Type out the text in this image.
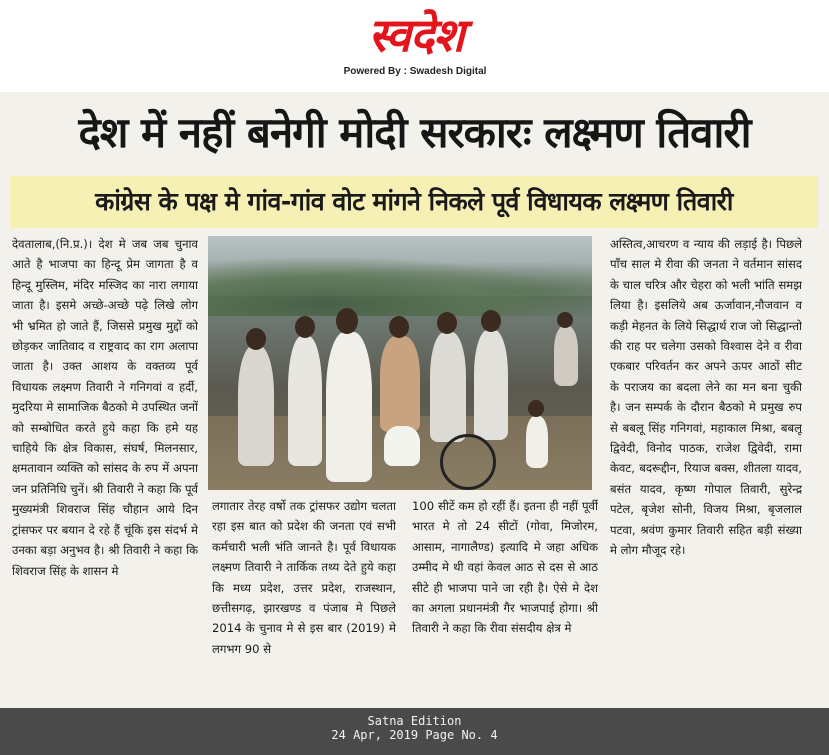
स्वदेश
Powered By : Swadesh Digital
देश में नहीं बनेगी मोदी सरकारः लक्ष्मण तिवारी
कांग्रेस के पक्ष मे गांव-गांव वोट मांगने निकले पूर्व विधायक लक्ष्मण तिवारी
देवतालाब,(नि.प्र.)। देश मे जब जब चुनाव आते है भाजपा का हिन्दू प्रेम जागता है व हिन्दू मुस्लिम, मंदिर मस्जिद का नारा लगाया जाता है। इसमे अच्छे-अच्छे पढ़े लिखे लोग भी भ्रमित हो जाते हैं, जिससे प्रमुख मुद्दों को छोड़कर जातिवाद व राष्ट्रवाद का राग अलापा जाता है। उक्त आशय के वक्तव्य पूर्व विधायक लक्ष्मण तिवारी ने गनिगवां व हर्दी, मुदरिया मे सामाजिक बैठको मे उपस्थित जनों को सम्बोधित करते हुये कहा कि हमे यह चाहिये कि क्षेत्र विकास, संघर्ष, मिलनसार, क्षमतावान व्यक्ति को सांसद के रुप में अपना जन प्रतिनिधि चुनें। श्री तिवारी ने कहा कि पूर्व मुख्यमंत्री शिवराज सिंह चौहान आये दिन ट्रांसफर पर बयान दे रहे हैं चूंकि इस संदर्भ मे उनका बड़ा अनुभव है। श्री तिवारी ने कहा कि शिवराज सिंह के शासन मे
लगातार तेरह वर्षो तक ट्रांसफर उद्योग चलता रहा इस बात को प्रदेश की जनता एवं सभी कर्मचारी भली भंति जानते है। पूर्व विधायक लक्ष्मण तिवारी ने तार्किक तथ्य देते हुये कहा कि मध्य प्रदेश, उत्तर प्रदेश, राजस्थान, छत्तीसगढ़, झारखण्ड व पंजाब मे पिछले 2014 के चुनाव मे से इस बार (2019) मे लगभग 90 से
100 सीटें कम हो रहीं हैं। इतना ही नहीं पूर्वी भारत मे तो 24 सीटों (गोवा, मिजोरम, आसाम, नागालैण्ड) इत्यादि मे जहा अधिक उम्मीद मे थी वहां केवल आठ से दस से आठ सीटे ही भाजपा पाने जा रही है। ऐसे मे देश का अगला प्रधानमंत्री गैर भाजपाई होगा। श्री तिवारी ने कहा कि रीवा संसदीय क्षेत्र मे
अस्तित्व,आचरण व न्याय की लड़ाई है। पिछले पाँच साल मे रीवा की जनता ने वर्तमान सांसद के चाल चरित्र और चेहरा को भली भांति समझ लिया है। इसलिये अब ऊर्जावान,नौजवान व कड़ी मेहनत के लिये सिद्धार्थ राज जो सिद्धान्तो की राह पर चलेगा उसको विश्वास देने व रीवा एकबार परिवर्तन कर अपने ऊपर आठों सीट के पराजय का बदला लेने का मन बना चुकी है। जन सम्पर्क के दौरान बैठको मे प्रमुख रुप से बबलू सिंह गनिगवां, महाकाल मिश्रा, बबलू द्विवेदी, विनोद पाठक, राजेश द्विवेदी, रामा केवट, बदरूद्दीन, रियाज बक्स, शीतला यादव, बसंत यादव, कृष्ण गोपाल तिवारी, सुरेन्द्र पटेल, बृजेश सोनी, विजय मिश्रा, बृजलाल पटवा, श्रवंण कुमार तिवारी सहित बड़ी संख्या मे लोग मौजूद रहे।
Satna Edition
24 Apr, 2019 Page No. 4
